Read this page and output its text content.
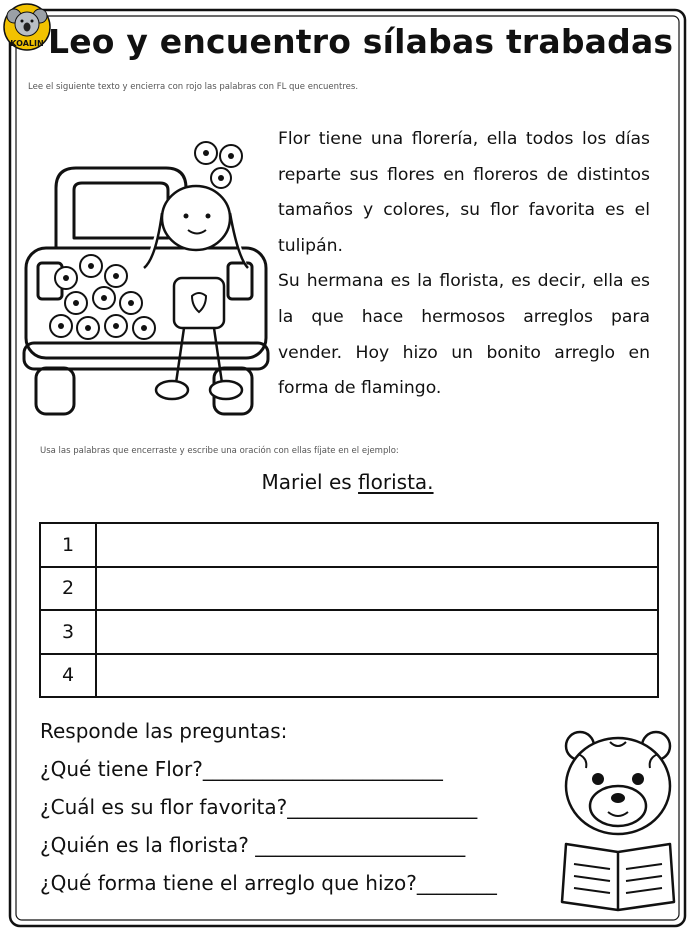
KOALIN Leo y encuentro sílabas trabadas
Lee el siguiente texto y encierra con rojo las palabras con FL que encuentres.

Flor tiene una florería, ella todos los días reparte sus flores en floreros de distintos tamaños y colores, su flor favorita es el tulipán.

Su hermana es la florista, es decir, ella es la que hace hermosos arreglos para vender. Hoy hizo un bonito arreglo en forma de flamingo.

Usa las palabras que encerraste y escribe una oración con ellas fíjate en el ejemplo:
Mariel es florista.
1	
2	
3	
4	
Responde las preguntas:
¿Qué tiene Flor?________________________
¿Cuál es su flor favorita?___________________
¿Quién es la florista? _____________________
¿Qué forma tiene el arreglo que hizo?________
